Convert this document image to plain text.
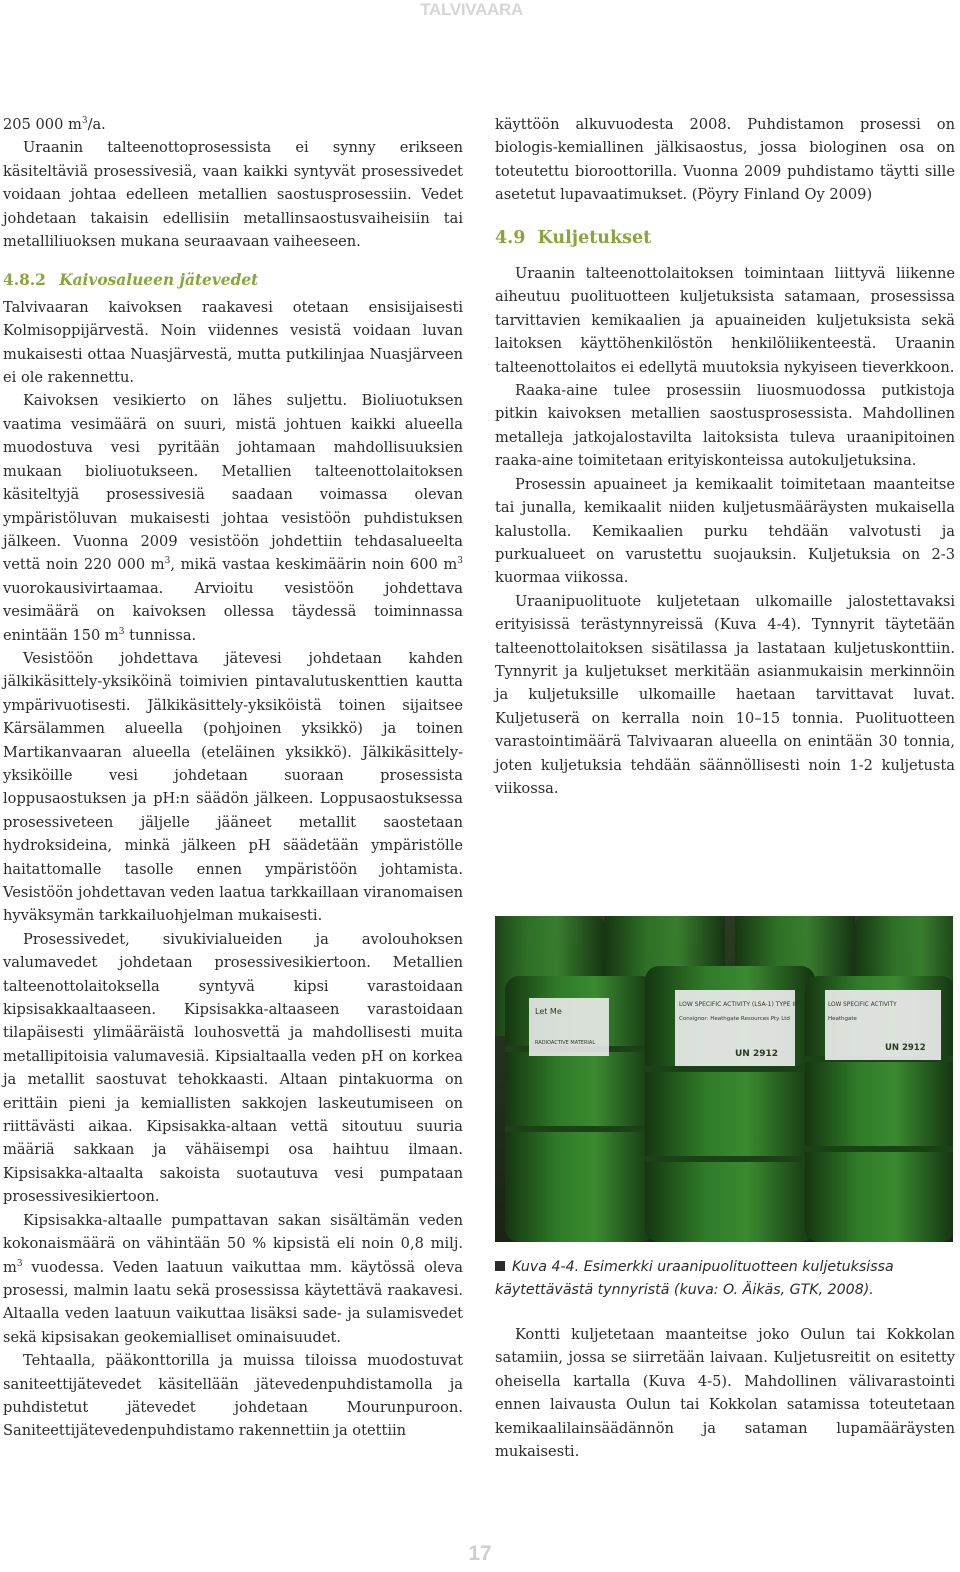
TALVIVAARA

205 000 $m^3/a$.

Uraanin talteenottoprosessista ei synny erikseen käsiteltäviä prosessivesiä, vaan kaikki syntyvät prosessivedet voidaan johtaa edelleen metallien saostusprosessiin. Vedet johdetaan takaisin edellisiin metallinsaostusvaiheisiin tai metalliliuoksen mukana seuraavaan vaiheeseen.

4.8.2 Kaivosalueen jätevedet

Talvivaaran kaivoksen raakavesi otetaan ensisijaisesti Kolmisoppijärvestä. Noin viidennes vesistä voidaan luvan mukaisesti ottaa Nuasjärvestä, mutta putkilinjaa Nuasjärveen ei ole rakennettu.

Kaivoksen vesikierto on lähes suljettu. Bioliuotuksen vaatima vesimäärä on suuri, mistä johtuen kaikki alueella muodostuva vesi pyritään johtamaan mahdollisuuksien mukaan bioliuotukseen. Metallien talteenottolaitoksen käsiteltyjä prosessivesiä saadaan voimassa olevan ympäristöluvan mukaisesti johtaa vesistöön puhdistuksen jälkeen. Vuonna 2009 vesistöön johdettiin tehdasalueelta vettä noin 220 000 $m^3$, mikä vastaa keskimäärin noin 600 $m^3$ vuorokausivirtaamaa. Arvioitu vesistöön johdettava vesimäärä on kaivoksen ollessa täydessä toiminnassa enintään 150 $m^3$ tunnissa.

Vesistöön johdettava jätevesi johdetaan kahden jälkikäsittely-yksiköinä toimivien pintavalutuskenttien kautta ympärivuotisesti. Jälkikäsittely-yksiköistä toinen sijaitsee Kärsälammen alueella (pohjoinen yksikkö) ja toinen Martikanvaaran alueella (eteläinen yksikkö). Jälkikäsittely-yksiköille vesi johdetaan suoraan prosessista loppusaostuksen ja pH:n säädön jälkeen. Loppusaostuksessa prosessiveteen jäljelle jääneet metallit saostetaan hydroksideina, minkä jälkeen pH säädetään ympäristölle haitattomalle tasolle ennen ympäristöön johtamista. Vesistöön johdettavan veden laatua tarkkaillaan viranomaisen hyväksymän tarkkailuohjelman mukaisesti.

Prosessivedet, sivukivialueiden ja avolouhoksen valumavedet johdetaan prosessivesikiertoon. Metallien talteenottolaitoksella syntyvä kipsi varastoidaan kipsisakkaaltaaseen. Kipsisakka-altaaseen varastoidaan tilapäisesti ylimääräistä louhosvettä ja mahdollisesti muita metallipitoisia valumavesiä. Kipsialtaalla veden pH on korkea ja metallit saostuvat tehokkaasti. Altaan pintakuorma on erittäin pieni ja kemiallisten sakkojen laskeutumiseen on riittävästi aikaa. Kipsisakka-altaan vettä sitoutuu suuria määriä sakkaan ja vähäisempi osa haihtuu ilmaan. Kipsisakka-altaalta sakoista suotautuva vesi pumpataan prosessivesikiertoon.

Kipsisakka-altaalle pumpattavan sakan sisältämän veden kokonaismäärä on vähintään 50 % kipsistä eli noin 0,8 milj. $m^3$ vuodessa. Veden laatuun vaikuttaa mm. käytössä oleva prosessi, malmin laatu sekä prosessissa käytettävä raakavesi. Altaalla veden laatuun vaikuttaa lisäksi sade- ja sulamisvedet sekä kipsisakan geokemialliset ominaisuudet.

Tehtaalla, pääkonttorilla ja muissa tiloissa muodostuvat saniteettijätevedet käsitellään jätevedenpuhdistamolla ja puhdistetut jätevedet johdetaan Mourunpuroon. Saniteettijätevedenpuhdistamo rakennettiin ja otettiin

käyttöön alkuvuodesta 2008. Puhdistamon prosessi on biologis-kemiallinen jälkisaostus, jossa biologinen osa on toteutettu bioroottorilla. Vuonna 2009 puhdistamo täytti sille asetetut lupavaatimukset. (Pöyry Finland Oy 2009)

4.9 Kuljetukset

Uraanin talteenottolaitoksen toimintaan liittyvä liikenne aiheutuu puolituotteen kuljetuksista satamaan, prosessissa tarvittavien kemikaalien ja apuaineiden kuljetuksista sekä laitoksen käyttöhenkilöstön henkilöliikenteestä. Uraanin talteenottolaitos ei edellytä muutoksia nykyiseen tieverkkoon.

Raaka-aine tulee prosessiin liuosmuodossa putkistoja pitkin kaivoksen metallien saostusprosessista. Mahdollinen metalleja jatkojalostavilta laitoksista tuleva uraanipitoinen raaka-aine toimitetaan erityiskonteissa autokuljetuksina.

Prosessin apuaineet ja kemikaalit toimitetaan maanteitse tai junalla, kemikaalit niiden kuljetusmääräysten mukaisella kalustolla. Kemikaalien purku tehdään valvotusti ja purkualueet on varustettu suojauksin. Kuljetuksia on 2-3 kuormaa viikossa.

Uraanipuolituote kuljetetaan ulkomaille jalostettavaksi erityisissä terästynnyreissä (Kuva 4-4). Tynnyrit täytetään talteenottolaitoksen sisätilassa ja lastataan kuljetuskonttiin. Tynnyrit ja kuljetukset merkitään asianmukaisin merkinnöin ja kuljetuksille ulkomaille haetaan tarvittavat luvat. Kuljetuserä on kerralla noin 10–15 tonnia. Puolituotteen varastointimäärä Talvivaaran alueella on enintään 30 tonnia, joten kuljetuksia tehdään säännöllisesti noin 1-2 kuljetusta viikossa.

Let Me
RADIOACTIVE MATERIAL
LOW SPECIFIC ACTIVITY (LSA-1) TYPE IP-1
Consignor: Heathgate Resources Pty Ltd
UN 2912
LOW SPECIFIC ACTIVITY
Heathgate
UN 2912
Kuva 4-4. Esimerkki uraanipuolituotteen kuljetuksissa käytettävästä tynnyristä (kuva: O. Äikäs, GTK, 2008).

Kontti kuljetetaan maanteitse joko Oulun tai Kokkolan satamiin, jossa se siirretään laivaan. Kuljetusreitit on esitetty oheisella kartalla (Kuva 4-5). Mahdollinen välivarastointi ennen laivausta Oulun tai Kokkolan satamissa toteutetaan kemikaalilainsäädännön ja sataman lupamääräysten mukaisesti.

17
